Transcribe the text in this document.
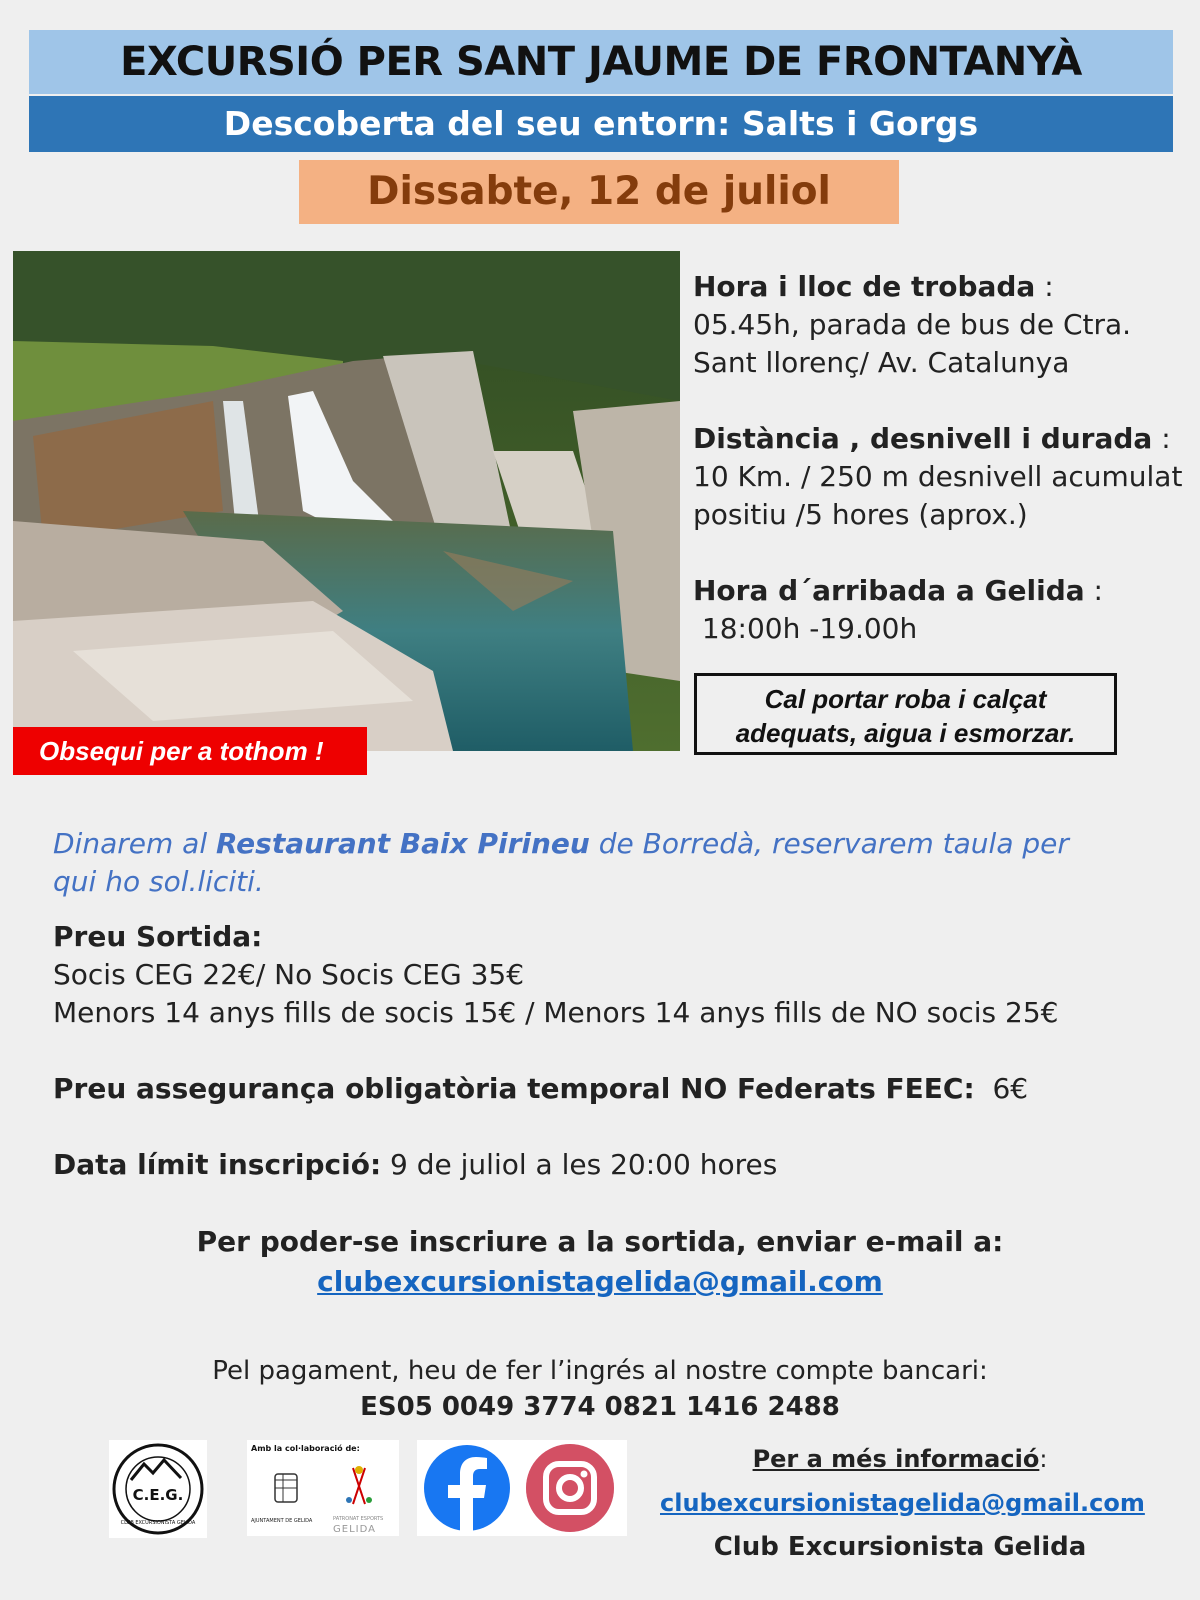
EXCURSIÓ PER SANT JAUME DE FRONTANYÀ
Descoberta del seu entorn: Salts i Gorgs
Dissabte, 12 de juliol
Obsequi per a tothom !

Hora i lloc de trobada :

05.45h, parada de bus de Ctra.

Sant llorenç/ Av. Catalunya

Distància , desnivell i durada :

10 Km. / 250 m desnivell acumulat

positiu /5 hores (aprox.)

Hora d´arribada a Gelida :

18:00h -19.00h

Cal portar roba i calçat
adequats, aigua i esmorzar.
Dinarem al Restaurant Baix Pirineu de Borredà, reservarem taula per qui ho sol.liciti.

Preu Sortida:

Socis CEG 22€/ No Socis CEG 35€

Menors 14 anys fills de socis 15€ / Menors 14 anys fills de NO socis 25€

Preu assegurança obligatòria temporal NO Federats FEEC:  6€

Data límit inscripció: 9 de juliol a les 20:00 hores

Per poder-se inscriure a la sortida, enviar e-mail a:
clubexcursionistagelida@gmail.com
Pel pagament, heu de fer l’ingrés al nostre compte bancari:
ES05 0049 3774 0821 1416 2488
C.E.G.
CLUB EXCURSIONISTA GELIDA
Amb la col·laboració de:
AJUNTAMENT DE GELIDA	PATRONAT ESPORTS
GELIDA
Per a més informació:
clubexcursionistagelida@gmail.com
Club Excursionista Gelida
